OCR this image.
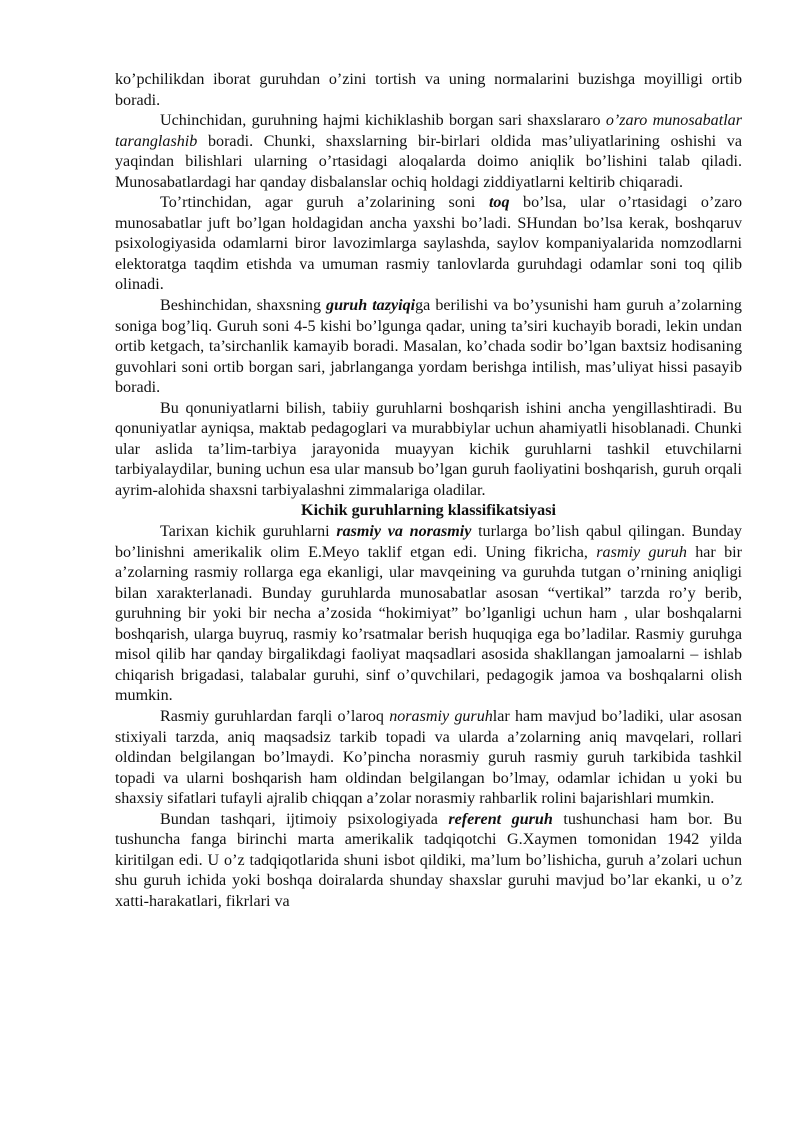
ko’pchilikdan iborat guruhdan o’zini tortish va uning normalarini buzishga moyilligi ortib boradi.

Uchinchidan, guruhning hajmi kichiklashib borgan sari shaxslararo o’zaro munosabatlar taranglashib boradi. Chunki, shaxslarning bir-birlari oldida mas’uliyatlarining oshishi va yaqindan bilishlari ularning o’rtasidagi aloqalarda doimo aniqlik bo’lishini talab qiladi. Munosabatlardagi har qanday disbalanslar ochiq holdagi ziddiyatlarni keltirib chiqaradi.

To’rtinchidan, agar guruh a’zolarining soni toq bo’lsa, ular o’rtasidagi o’zaro munosabatlar juft bo’lgan holdagidan ancha yaxshi bo’ladi. SHundan bo’lsa kerak, boshqaruv psixologiyasida odamlarni biror lavozimlarga saylashda, saylov kompaniyalarida nomzodlarni elektoratga taqdim etishda va umuman rasmiy tanlovlarda guruhdagi odamlar soni toq qilib olinadi.

Beshinchidan, shaxsning guruh tazyiqiga berilishi va bo’ysunishi ham guruh a’zolarning soniga bog’liq. Guruh soni 4-5 kishi bo’lgunga qadar, uning ta’siri kuchayib boradi, lekin undan ortib ketgach, ta’sirchanlik kamayib boradi. Masalan, ko’chada sodir bo’lgan baxtsiz hodisaning guvohlari soni ortib borgan sari, jabrlanganga yordam berishga intilish, mas’uliyat hissi pasayib boradi.

Bu qonuniyatlarni bilish, tabiiy guruhlarni boshqarish ishini ancha yengillashtiradi. Bu qonuniyatlar ayniqsa, maktab pedagoglari va murabbiylar uchun ahamiyatli hisoblanadi. Chunki ular aslida ta’lim-tarbiya jarayonida muayyan kichik guruhlarni tashkil etuvchilarni tarbiyalaydilar, buning uchun esa ular mansub bo’lgan guruh faoliyatini boshqarish, guruh orqali ayrim-alohida shaxsni tarbiyalashni zimmalariga oladilar.

Kichik guruhlarning klassifikatsiyasi

Tarixan kichik guruhlarni rasmiy va norasmiy turlarga bo’lish qabul qilingan. Bunday bo’linishni amerikalik olim E.Meyo taklif etgan edi. Uning fikricha, rasmiy guruh har bir a’zolarning rasmiy rollarga ega ekanligi, ular mavqeining va guruhda tutgan o’rnining aniqligi bilan xarakterlanadi. Bunday guruhlarda munosabatlar asosan “vertikal” tarzda ro’y berib, guruhning bir yoki bir necha a’zosida “hokimiyat” bo’lganligi uchun ham , ular boshqalarni boshqarish, ularga buyruq, rasmiy ko’rsatmalar berish huquqiga ega bo’ladilar. Rasmiy guruhga misol qilib har qanday birgalikdagi faoliyat maqsadlari asosida shakllangan jamoalarni – ishlab chiqarish brigadasi, talabalar guruhi, sinf o’quvchilari, pedagogik jamoa va boshqalarni olish mumkin.

Rasmiy guruhlardan farqli o’laroq norasmiy guruhlar ham mavjud bo’ladiki, ular asosan stixiyali tarzda, aniq maqsadsiz tarkib topadi va ularda a’zolarning aniq mavqelari, rollari oldindan belgilangan bo’lmaydi. Ko’pincha norasmiy guruh rasmiy guruh tarkibida tashkil topadi va ularni boshqarish ham oldindan belgilangan bo’lmay, odamlar ichidan u yoki bu shaxsiy sifatlari tufayli ajralib chiqqan a’zolar norasmiy rahbarlik rolini bajarishlari mumkin.

Bundan tashqari, ijtimoiy psixologiyada referent guruh tushunchasi ham bor. Bu tushuncha fanga birinchi marta amerikalik tadqiqotchi G.Xaymen tomonidan 1942 yilda kiritilgan edi. U o’z tadqiqotlarida shuni isbot qildiki, ma’lum bo’lishicha, guruh a’zolari uchun shu guruh ichida yoki boshqa doiralarda shunday shaxslar guruhi mavjud bo’lar ekanki, u o’z xatti-harakatlari, fikrlari va
